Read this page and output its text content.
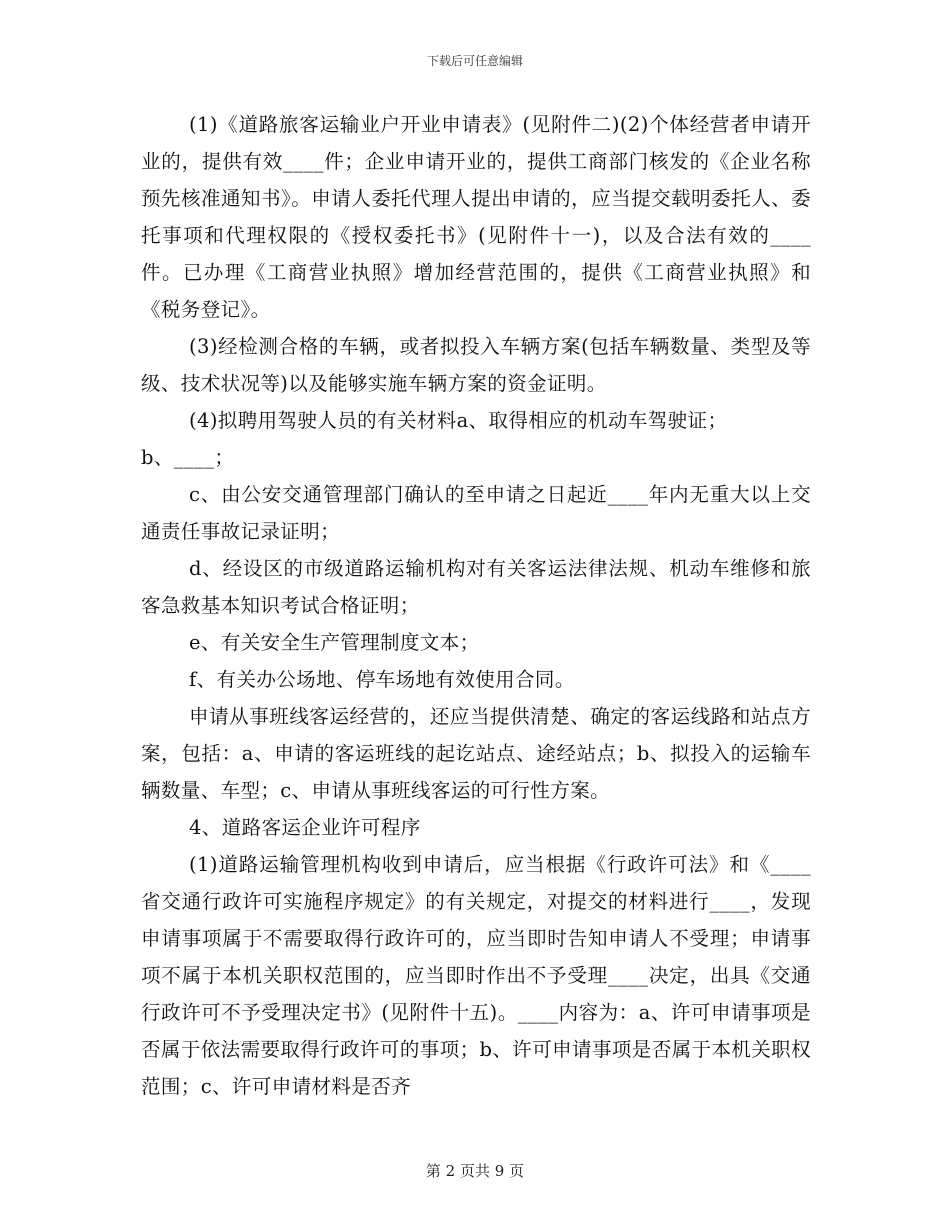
下载后可任意编辑

(1)《道路旅客运输业户开业申请表》(见附件二)(2)个体经营者申请开业的，提供有效____件；企业申请开业的，提供工商部门核发的《企业名称预先核准通知书》。申请人委托代理人提出申请的，应当提交载明委托人、委托事项和代理权限的《授权委托书》(见附件十一)，以及合法有效的____件。已办理《工商营业执照》增加经营范围的，提供《工商营业执照》和《税务登记》。

(3)经检测合格的车辆，或者拟投入车辆方案(包括车辆数量、类型及等级、技术状况等)以及能够实施车辆方案的资金证明。

(4)拟聘用驾驶人员的有关材料a、取得相应的机动车驾驶证；

b、____；

c、由公安交通管理部门确认的至申请之日起近____年内无重大以上交通责任事故记录证明；

d、经设区的市级道路运输机构对有关客运法律法规、机动车维修和旅客急救基本知识考试合格证明；

e、有关安全生产管理制度文本；

f、有关办公场地、停车场地有效使用合同。

申请从事班线客运经营的，还应当提供清楚、确定的客运线路和站点方案，包括：a、申请的客运班线的起讫站点、途经站点；b、拟投入的运输车辆数量、车型；c、申请从事班线客运的可行性方案。

4、道路客运企业许可程序

(1)道路运输管理机构收到申请后，应当根据《行政许可法》和《____省交通行政许可实施程序规定》的有关规定，对提交的材料进行____，发现申请事项属于不需要取得行政许可的，应当即时告知申请人不受理；申请事项不属于本机关职权范围的，应当即时作出不予受理____决定，出具《交通行政许可不予受理决定书》(见附件十五)。____内容为：a、许可申请事项是否属于依法需要取得行政许可的事项；b、许可申请事项是否属于本机关职权范围；c、许可申请材料是否齐

第 2 页共 9 页
